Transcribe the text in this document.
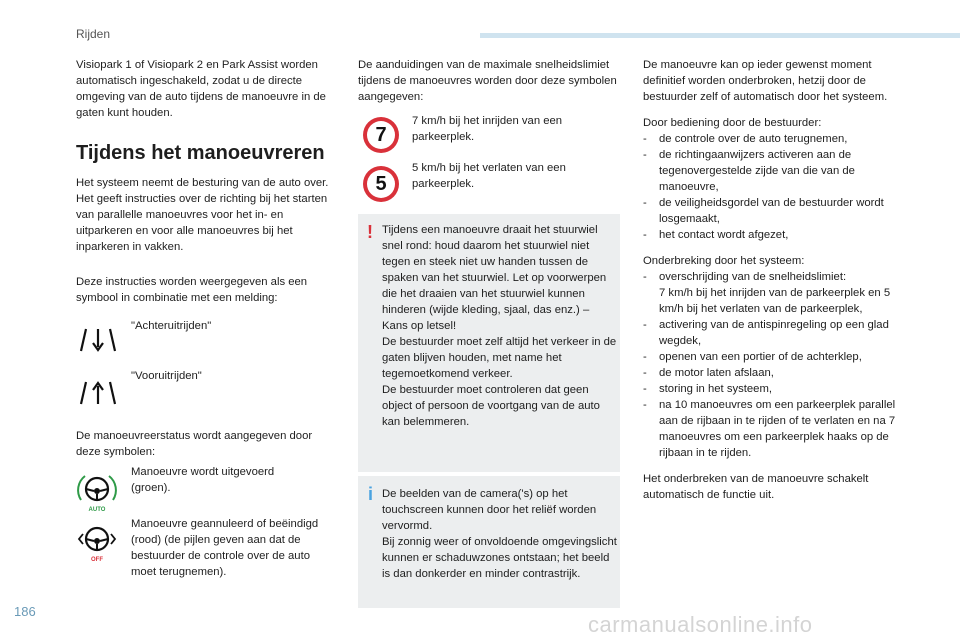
Rijden

Visiopark 1 of Visiopark 2 en Park Assist worden automatisch ingeschakeld, zodat u de directe omgeving van de auto tijdens de manoeuvre in de gaten kunt houden.

Tijdens het manoeuvreren

Het systeem neemt de besturing van de auto over. Het geeft instructies over de richting bij het starten van parallelle manoeuvres voor het in- en uitparkeren en voor alle manoeuvres bij het inparkeren in vakken.

Deze instructies worden weergegeven als een symbool in combinatie met een melding:

"Achteruitrijden"
"Vooruitrijden"

De manoeuvreerstatus wordt aangegeven door deze symbolen:

AUTO
Manoeuvre wordt uitgevoerd (groen).
OFF
Manoeuvre geannuleerd of beëindigd (rood) (de pijlen geven aan dat de bestuurder de controle over de auto moet terugnemen).

De aanduidingen van de maximale snelheidslimiet tijdens de manoeuvres worden door deze symbolen aangegeven:

7
7 km/h bij het inrijden van een parkeerplek.
5
5 km/h bij het verlaten van een parkeerplek.
! Tijdens een manoeuvre draait het stuurwiel snel rond: houd daarom het stuurwiel niet tegen en steek niet uw handen tussen de spaken van het stuurwiel. Let op voorwerpen die het draaien van het stuurwiel kunnen hinderen (wijde kleding, sjaal, das enz.) – Kans op letsel!

De bestuurder moet zelf altijd het verkeer in de gaten blijven houden, met name het tegemoetkomend verkeer.

De bestuurder moet controleren dat geen object of persoon de voortgang van de auto kan belemmeren.

i De beelden van de camera('s) op het touchscreen kunnen door het reliëf worden vervormd.

Bij zonnig weer of onvoldoende omgevingslicht kunnen er schaduwzones ontstaan; het beeld is dan donkerder en minder contrastrijk.

De manoeuvre kan op ieder gewenst moment definitief worden onderbroken, hetzij door de bestuurder zelf of automatisch door het systeem.

Door bediening door de bestuurder:

-	de controle over de auto terugnemen,
-	de richtingaanwijzers activeren aan de tegenovergestelde zijde van die van de manoeuvre,
-	de veiligheidsgordel van de bestuurder wordt losgemaakt,
-	het contact wordt afgezet,

Onderbreking door het systeem:

-	overschrijding van de snelheidslimiet:
7 km/h bij het inrijden van de parkeerplek en 5 km/h bij het verlaten van de parkeerplek,
-	activering van de antispinregeling op een glad wegdek,
-	openen van een portier of de achterklep,
-	de motor laten afslaan,
-	storing in het systeem,
-	na 10 manoeuvres om een parkeerplek parallel aan de rijbaan in te rijden of te verlaten en na 7 manoeuvres om een parkeerplek haaks op de rijbaan in te rijden.

Het onderbreken van de manoeuvre schakelt automatisch de functie uit.

186
carmanualsonline.info
